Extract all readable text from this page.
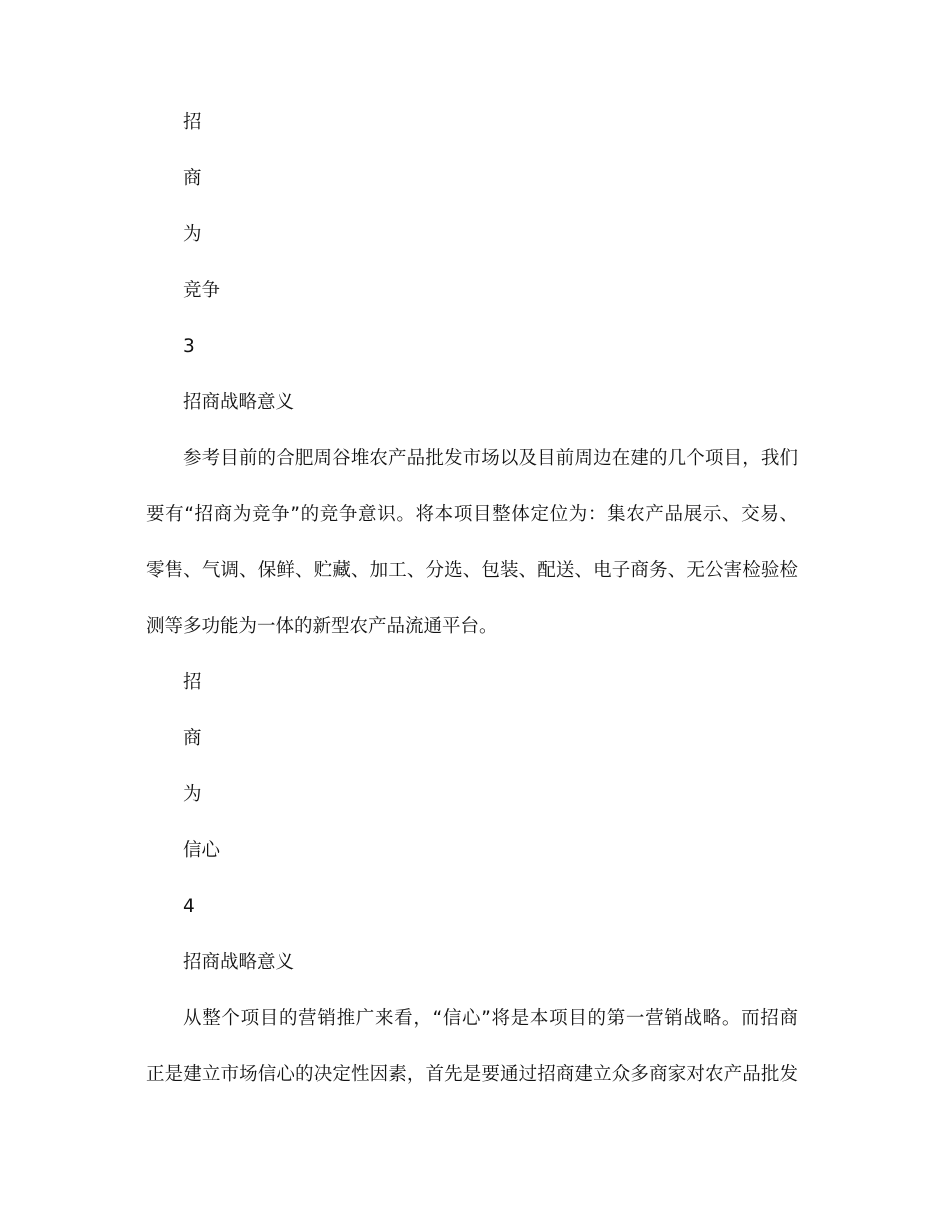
招
商
为
竞争
3
招商战略意义
参考目前的合肥周谷堆农产品批发市场以及目前周边在建的几个项目，我们
要有“招商为竞争”的竞争意识。将本项目整体定位为：集农产品展示、交易、
零售、气调、保鲜、贮藏、加工、分选、包装、配送、电子商务、无公害检验检
测等多功能为一体的新型农产品流通平台。
招
商
为
信心
4
招商战略意义
从整个项目的营销推广来看，“信心”将是本项目的第一营销战略。而招商
正是建立市场信心的决定性因素，首先是要通过招商建立众多商家对农产品批发
